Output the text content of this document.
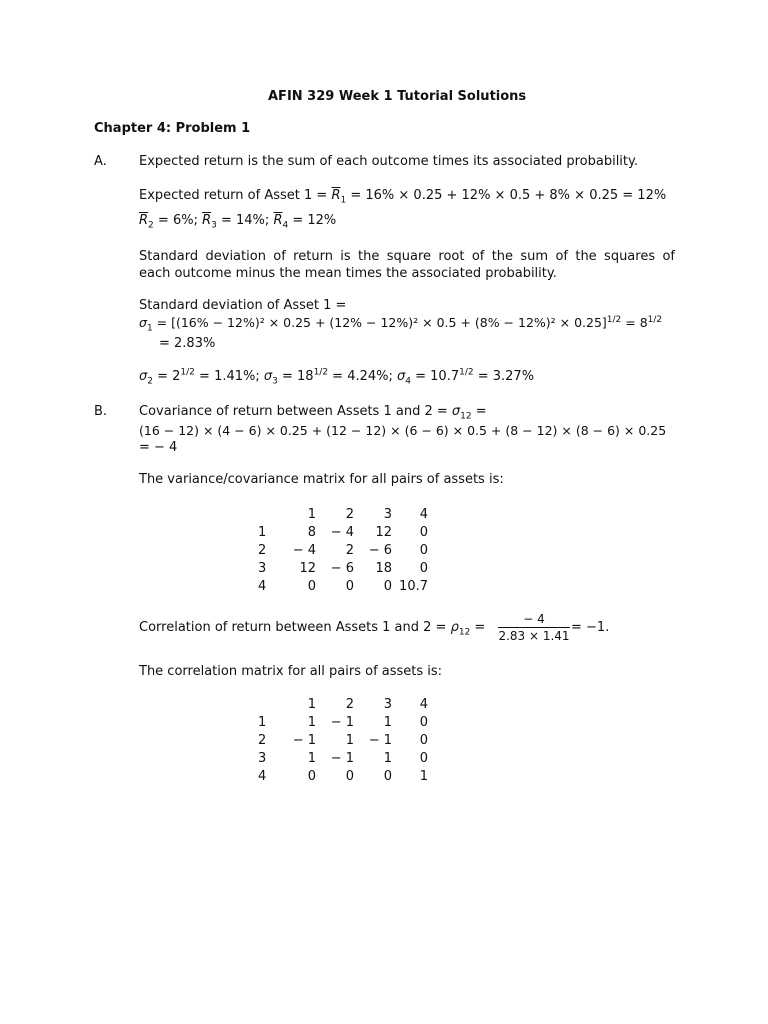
AFIN 329 Week 1 Tutorial Solutions
Chapter 4: Problem 1
A. Expected return is the sum of each outcome times its associated probability.
Expected return of Asset $1 = \overline{R}_1 = 16\% \times 0.25 + 12\% \times 0.5 + 8\% \times 0.25 = 12\%$
$\overline{R}_2 = 6\%$; $\overline{R}_3 = 14\%$; $\overline{R}_4 = 12\%$
Standard deviation of return is the square root of the sum of the squares of
each outcome minus the mean times the associated probability.
Standard deviation of Asset 1 =
$\sigma_1 = [(16\% - 12\%)^2 \times 0.25 + (12\% - 12\%)^2 \times 0.5 + (8\% - 12\%)^2 \times 0.25]^{1/2} = 8^{1/2}$
= 2.83%
$\sigma_2 = 2^{1/2} = 1.41\%$; $\sigma_3 = 18^{1/2} = 4.24\%$; $\sigma_4 = 10.7^{1/2} = 3.27\%$
B. Covariance of return between Assets 1 and $2 = \sigma_{12}$ =
(16 − 12) × (4 − 6) × 0.25 + (12 − 12) × (6 − 6) × 0.5 + (8 − 12) × (8 − 6) × 0.25
= − 4
The variance/covariance matrix for all pairs of assets is:
	1	2	3	4
1	8	− 4	12	0
2	− 4	2	− 6	0
3	12	− 6	18	0
4	0	0	0	10.7
Correlation of return between Assets 1 and $2 = \rho_{12}$ =
− 4
2.83 × 1.41
= −1.
The correlation matrix for all pairs of assets is:
	1	2	3	4
1	1	− 1	1	0
2	− 1	1	− 1	0
3	1	− 1	1	0
4	0	0	0	1
